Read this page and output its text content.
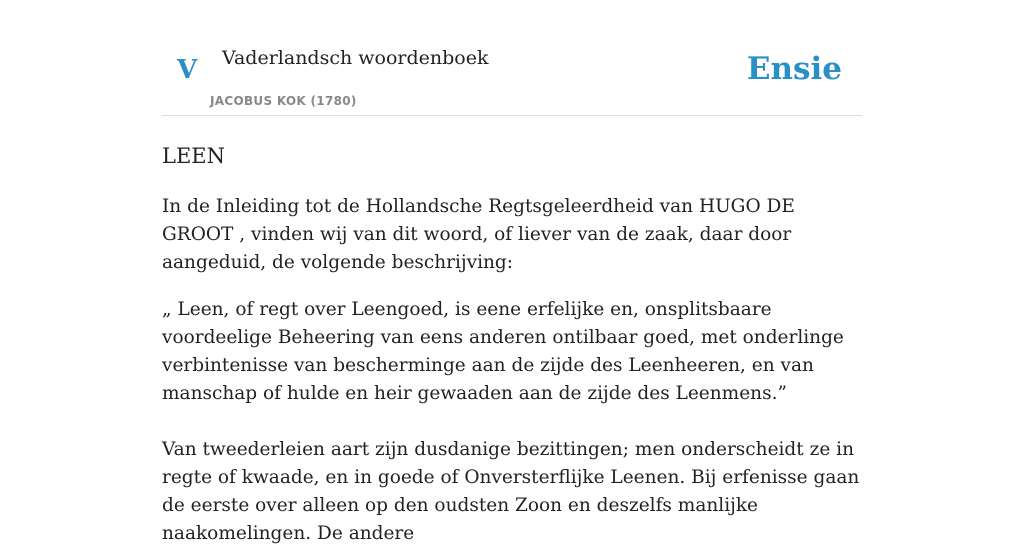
V Vaderlandsch woordenboek
JACOBUS KOK (1780)
Ensie
LEEN

In de Inleiding tot de Hollandsche Regtsgeleerdheid van HUGO DE GROOT , vinden wij van dit woord, of liever van de zaak, daar door aangeduid, de volgende beschrijving:

„ Leen, of regt over Leengoed, is eene erfelijke en, onsplitsbaare voordeelige Beheering van eens anderen ontilbaar goed, met onderlinge verbintenisse van bescherminge aan de zijde des Leenheeren, en van manschap of hulde en heir gewaaden aan de zijde des Leenmens.”

Van tweederleien aart zijn dusdanige bezittingen; men onderscheidt ze in regte of kwaade, en in goede of Onversterflijke Leenen. Bij erfenisse gaan de eerste over alleen op den oudsten Zoon en deszelfs manlijke naakomelingen. De andere
